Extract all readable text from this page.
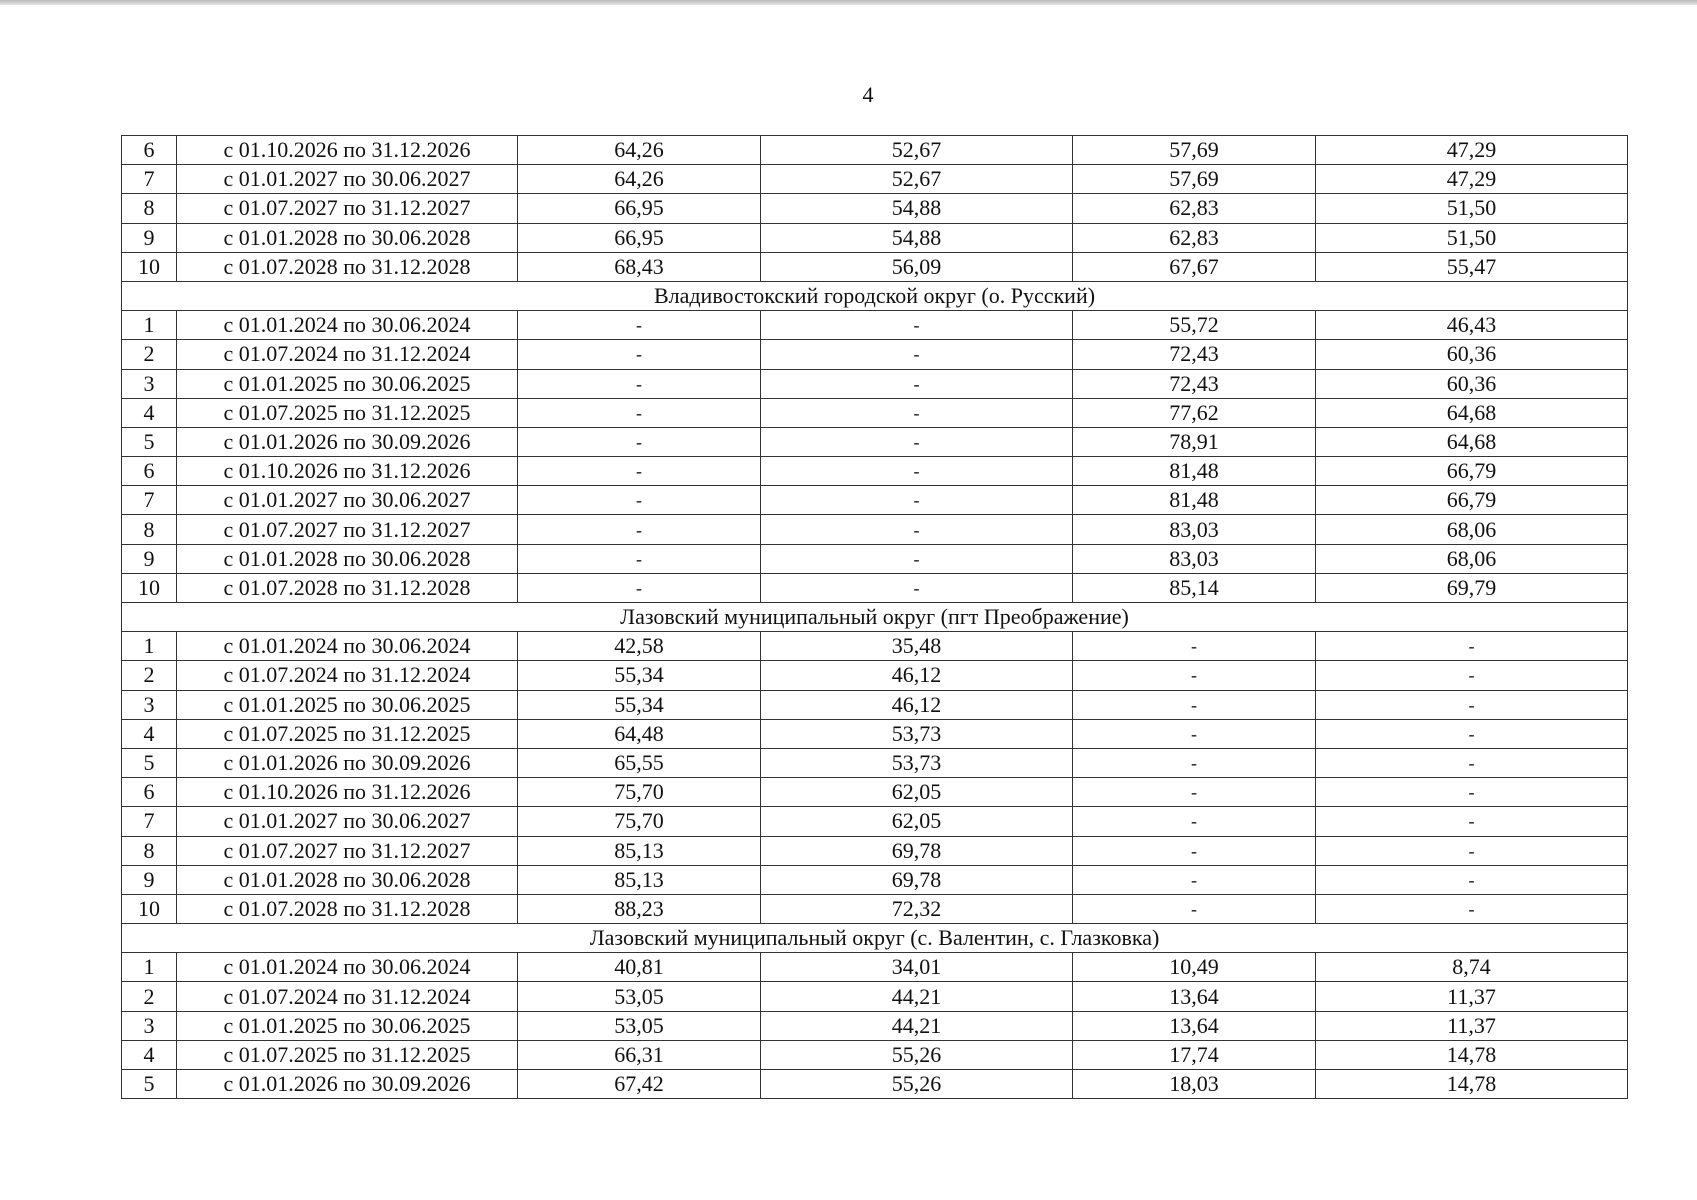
4
6	с 01.10.2026 по 31.12.2026	64,26	52,67	57,69	47,29
7	с 01.01.2027 по 30.06.2027	64,26	52,67	57,69	47,29
8	с 01.07.2027 по 31.12.2027	66,95	54,88	62,83	51,50
9	с 01.01.2028 по 30.06.2028	66,95	54,88	62,83	51,50
10	с 01.07.2028 по 31.12.2028	68,43	56,09	67,67	55,47
Владивостокский городской округ (о. Русский)					
1	с 01.01.2024 по 30.06.2024	-	-	55,72	46,43
2	с 01.07.2024 по 31.12.2024	-	-	72,43	60,36
3	с 01.01.2025 по 30.06.2025	-	-	72,43	60,36
4	с 01.07.2025 по 31.12.2025	-	-	77,62	64,68
5	с 01.01.2026 по 30.09.2026	-	-	78,91	64,68
6	с 01.10.2026 по 31.12.2026	-	-	81,48	66,79
7	с 01.01.2027 по 30.06.2027	-	-	81,48	66,79
8	с 01.07.2027 по 31.12.2027	-	-	83,03	68,06
9	с 01.01.2028 по 30.06.2028	-	-	83,03	68,06
10	с 01.07.2028 по 31.12.2028	-	-	85,14	69,79
Лазовский муниципальный округ (пгт Преображение)					
1	с 01.01.2024 по 30.06.2024	42,58	35,48	-	-
2	с 01.07.2024 по 31.12.2024	55,34	46,12	-	-
3	с 01.01.2025 по 30.06.2025	55,34	46,12	-	-
4	с 01.07.2025 по 31.12.2025	64,48	53,73	-	-
5	с 01.01.2026 по 30.09.2026	65,55	53,73	-	-
6	с 01.10.2026 по 31.12.2026	75,70	62,05	-	-
7	с 01.01.2027 по 30.06.2027	75,70	62,05	-	-
8	с 01.07.2027 по 31.12.2027	85,13	69,78	-	-
9	с 01.01.2028 по 30.06.2028	85,13	69,78	-	-
10	с 01.07.2028 по 31.12.2028	88,23	72,32	-	-
Лазовский муниципальный округ (с. Валентин, с. Глазковка)					
1	с 01.01.2024 по 30.06.2024	40,81	34,01	10,49	8,74
2	с 01.07.2024 по 31.12.2024	53,05	44,21	13,64	11,37
3	с 01.01.2025 по 30.06.2025	53,05	44,21	13,64	11,37
4	с 01.07.2025 по 31.12.2025	66,31	55,26	17,74	14,78
5	с 01.01.2026 по 30.09.2026	67,42	55,26	18,03	14,78
